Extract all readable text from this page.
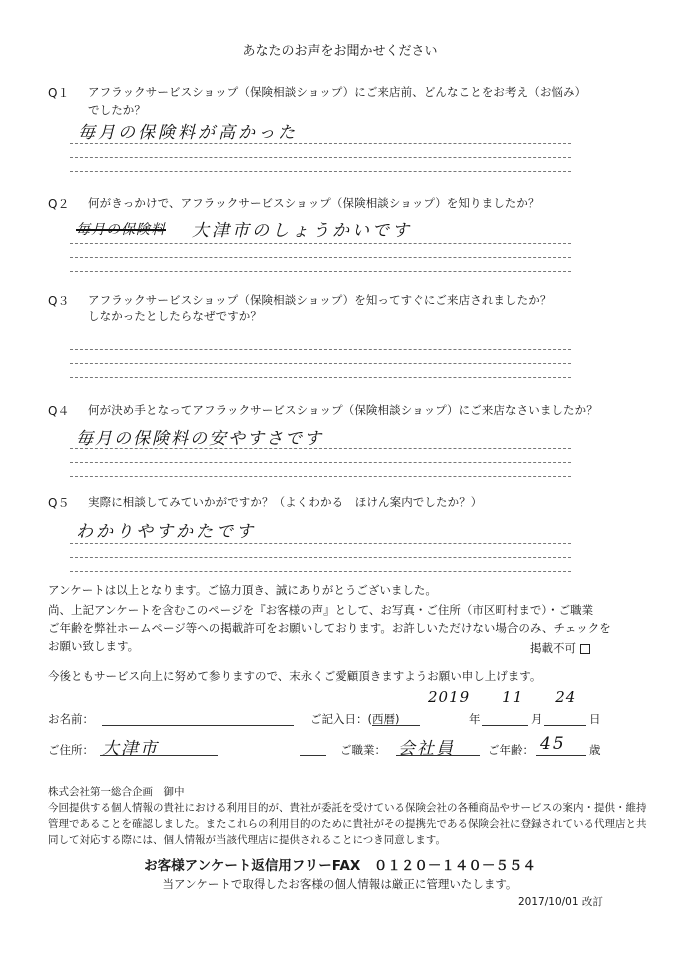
あなたのお声をお聞かせください
Q１ アフラックサービスショップ（保険相談ショップ）にご来店前、どんなことをお考え（お悩み）
でしたか？
毎月の保険料が高かった
Q２ 何がきっかけで、アフラックサービスショップ（保険相談ショップ）を知りましたか？
毎月の保険料 大津市のしょうかいです
Q３ アフラックサービスショップ（保険相談ショップ）を知ってすぐにご来店されましたか？
しなかったとしたらなぜですか？
Q４ 何が決め手となってアフラックサービスショップ（保険相談ショップ）にご来店なさいましたか？
毎月の保険料の安やすさです
Q５ 実際に相談してみていかがですか？（よくわかる　ほけん案内でしたか？）
わかりやすかたです
アンケートは以上となります。ご協力頂き、誠にありがとうございました。
尚、上記アンケートを含むこのページを『お客様の声』として、お写真・ご住所（市区町村まで）・ご職業
ご年齢を弊社ホームページ等への掲載許可をお願いしております。お許しいただけない場合のみ、チェックを
お願い致します。	掲載不可
今後ともサービス向上に努めて参りますので、末永くご愛顧頂きますようお願い申し上げます。
2019　　11　　24
お名前：	ご記入日：(西暦)	年	月	日
ご住所： 大津市	ご職業： 会社員	ご年齢： 45 歳
株式会社第一総合企画　御中
今回提供する個人情報の貴社における利用目的が、貴社が委託を受けている保険会社の各種商品やサービスの案内・提供・維持
管理であることを確認しました。またこれらの利用目的のために貴社がその提携先である保険会社に登録されている代理店と共
同して対応する際には、個人情報が当該代理店に提供されることにつき同意します。
お客様アンケート返信用フリーFAX　０１２０－１４０－５５４
当アンケートで取得したお客様の個人情報は厳正に管理いたします。
2017/10/01 改訂
